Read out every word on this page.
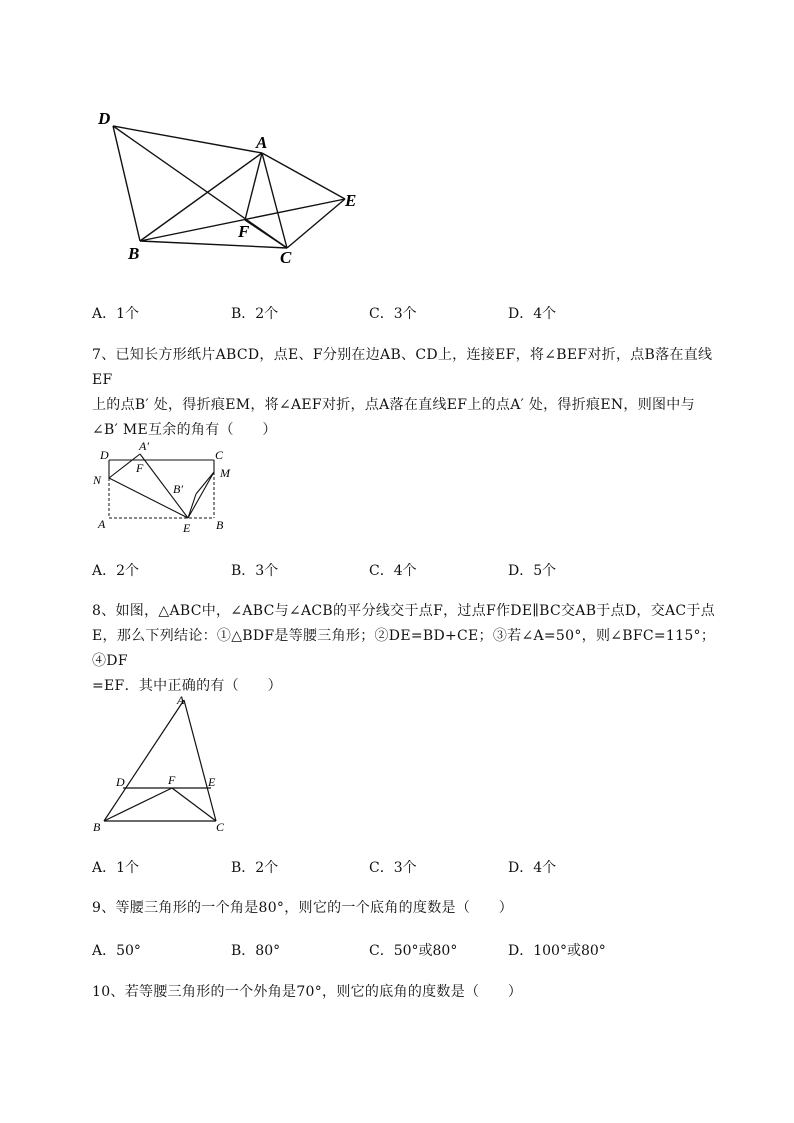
D
A
E
F
B	C
A．1个	B．2个	C．3个	D．4个
7、已知长方形纸片ABCD，点E、F分别在边AB、CD上，连接EF，将∠BEF对折，点B落在直线EF
上的点B′ 处，得折痕EM，将∠AEF对折，点A落在直线EF上的点A′ 处，得折痕EN，则图中与
∠B′ ME互余的角有（　　）
D
A′
C
M
F
N
B′
A	E B
A．2个	B．3个	C．4个	D．5个
8、如图，△ABC中，∠ABC与∠ACB的平分线交于点F，过点F作DE∥BC交AB于点D，交AC于点
E，那么下列结论：①△BDF是等腰三角形；②DE=BD+CE；③若∠A=50°，则∠BFC=115°；④DF
=EF．其中正确的有（　　）
A
D	F	E
B	C
A．1个	B．2个	C．3个	D．4个
9、等腰三角形的一个角是80°，则它的一个底角的度数是（　　）
A．50°	B．80°	C．50°或80°	D．100°或80°
10、若等腰三角形的一个外角是70°，则它的底角的度数是（　　）
